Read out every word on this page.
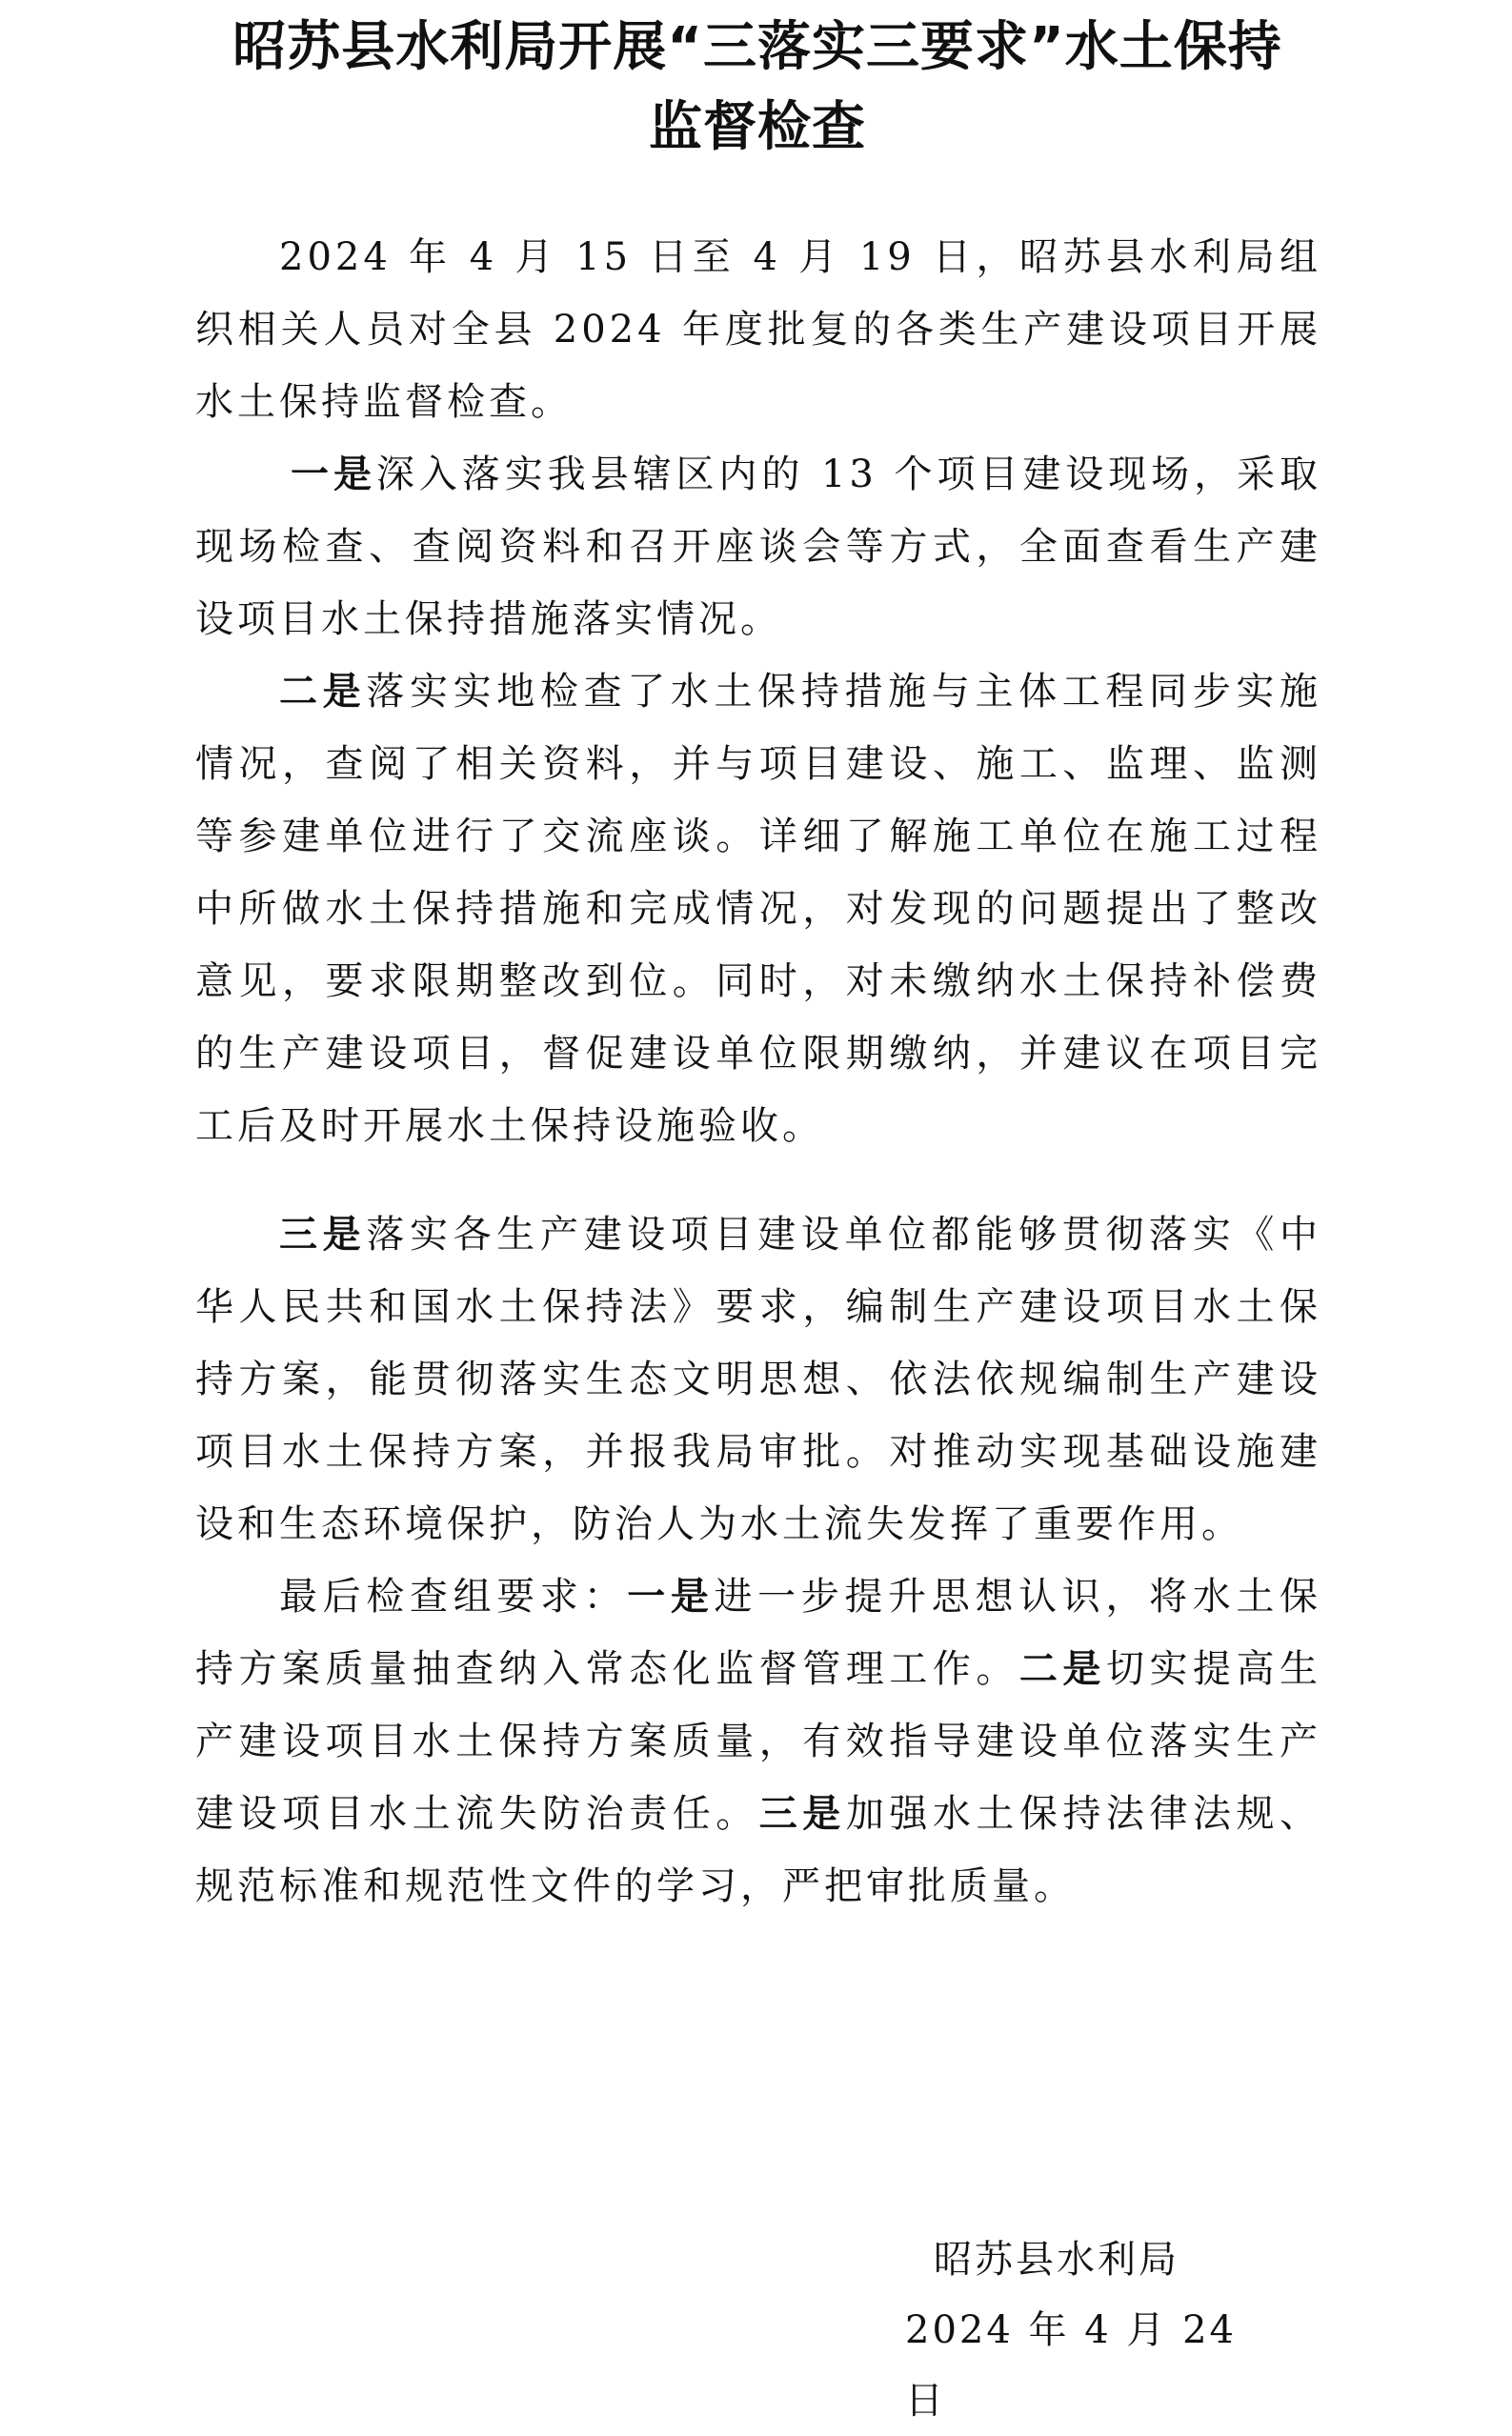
昭苏县水利局开展“三落实三要求”水土保持
监督检查

2024 年 4 月 15 日至 4 月 19 日，昭苏县水利局组织相关人员对全县 2024 年度批复的各类生产建设项目开展水土保持监督检查。

一是深入落实我县辖区内的 13 个项目建设现场，采取现场检查、查阅资料和召开座谈会等方式，全面查看生产建设项目水土保持措施落实情况。

二是落实实地检查了水土保持措施与主体工程同步实施情况，查阅了相关资料，并与项目建设、施工、监理、监测等参建单位进行了交流座谈。详细了解施工单位在施工过程中所做水土保持措施和完成情况，对发现的问题提出了整改意见，要求限期整改到位。同时，对未缴纳水土保持补偿费的生产建设项目，督促建设单位限期缴纳，并建议在项目完工后及时开展水土保持设施验收。

三是落实各生产建设项目建设单位都能够贯彻落实《中华人民共和国水土保持法》要求，编制生产建设项目水土保持方案，能贯彻落实生态文明思想、依法依规编制生产建设项目水土保持方案，并报我局审批。对推动实现基础设施建设和生态环境保护，防治人为水土流失发挥了重要作用。

最后检查组要求：一是进一步提升思想认识，将水土保持方案质量抽查纳入常态化监督管理工作。二是切实提高生产建设项目水土保持方案质量，有效指导建设单位落实生产建设项目水土流失防治责任。三是加强水土保持法律法规、规范标准和规范性文件的学习，严把审批质量。

昭苏县水利局
2024 年 4 月 24 日
